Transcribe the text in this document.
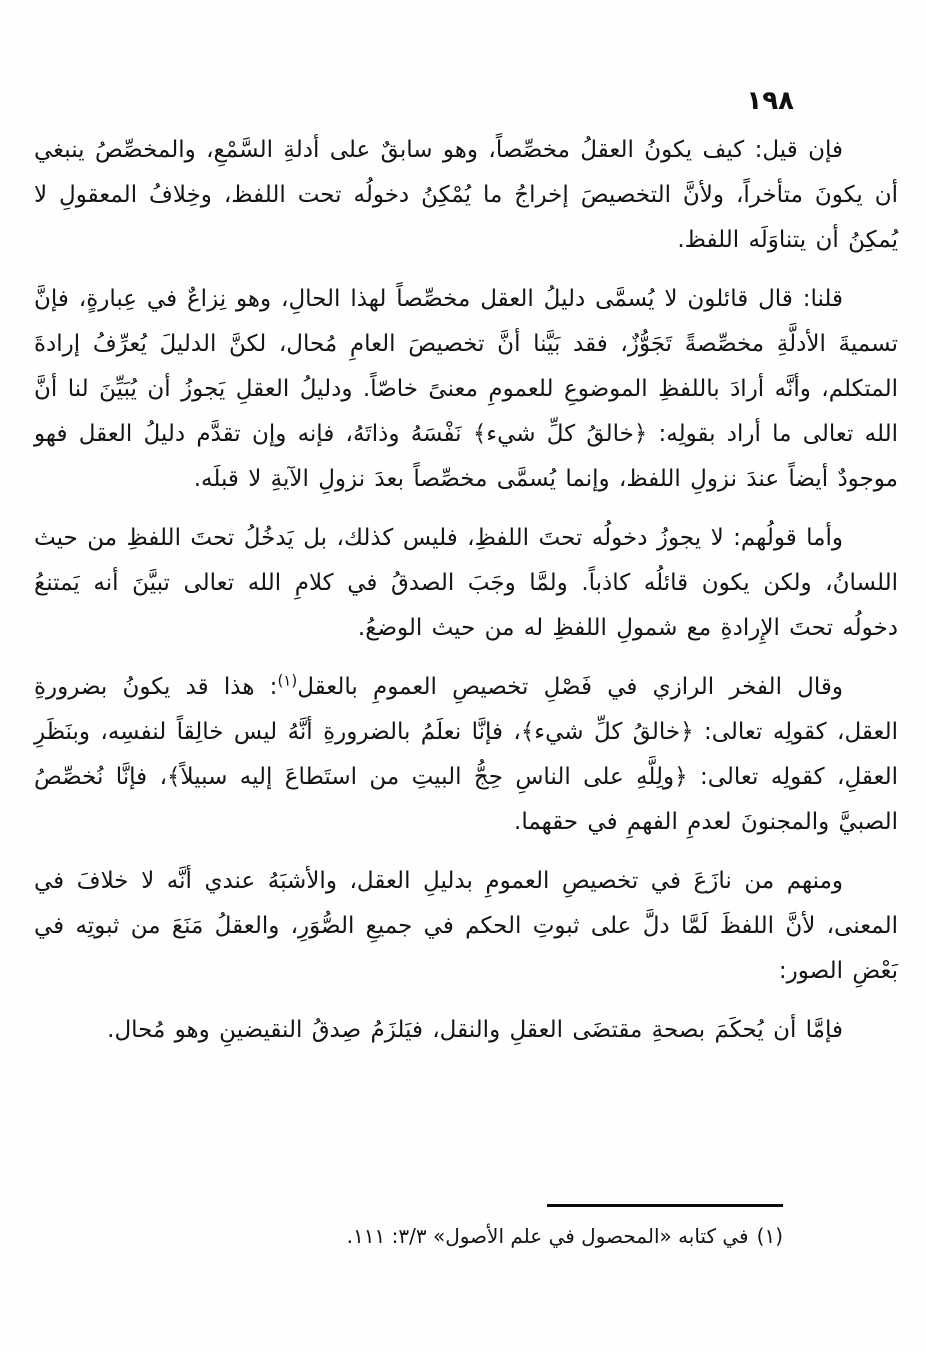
١٩٨

فإن قيل: كيف يكونُ العقلُ مخصِّصاً، وهو سابقٌ على أدلةِ السَّمْعِ، والمخصِّصُ ينبغي أن يكونَ متأخراً، ولأنَّ التخصيصَ إخراجُ ما يُمْكِنُ دخولُه تحت اللفظ، وخِلافُ المعقولِ لا يُمكِنُ أن يتناوَلَه اللفظ.

قلنا: قال قائلون لا يُسمَّى دليلُ العقل مخصِّصاً لهذا الحالِ، وهو نِزاعٌ في عِبارةٍ، فإنَّ تسميةَ الأدلَّةِ مخصِّصةً تَجَوُّزٌ، فقد بَيَّنا أنَّ تخصيصَ العامِ مُحال، لكنَّ الدليلَ يُعرِّفُ إرادةَ المتكلم، وأنَّه أرادَ باللفظِ الموضوعِ للعمومِ معنىً خاصّاً. ودليلُ العقلِ يَجوزُ أن يُبَيِّنَ لنا أنَّ الله تعالى ما أراد بقولِه: ﴿خالقُ كلِّ شيء﴾ نَفْسَهُ وذاتَهُ، فإنه وإن تقدَّم دليلُ العقل فهو موجودٌ أيضاً عندَ نزولِ اللفظ، وإنما يُسمَّى مخصِّصاً بعدَ نزولِ الآيةِ لا قبلَه.

وأما قولُهم: لا يجوزُ دخولُه تحتَ اللفظِ، فليس كذلك، بل يَدخُلُ تحتَ اللفظِ من حيث اللسانُ، ولكن يكون قائلُه كاذباً. ولمَّا وجَبَ الصدقُ في كلامِ الله تعالى تبيَّنَ أنه يَمتنعُ دخولُه تحتَ الإِرادةِ مع شمولِ اللفظِ له من حيث الوضعُ.

وقال الفخر الرازي في فَصْلِ تخصيصِ العمومِ بالعقل$^{(١)}$: هذا قد يكونُ بضرورةِ العقل، كقولِه تعالى: ﴿خالقُ كلِّ شيء﴾، فإنَّا نعلَمُ بالضرورةِ أنَّهُ ليس خالِقاً لنفسِه، وبنَظَرِ العقلِ، كقولِه تعالى: ﴿ولِلَّهِ على الناسِ حِجُّ البيتِ من استَطاعَ إليه سبيلاً﴾، فإنَّا نُخصِّصُ الصبيَّ والمجنونَ لعدمِ الفهمِ في حقهما.

ومنهم من نازَعَ في تخصيصِ العمومِ بدليلِ العقل، والأشبَهُ عندي أنَّه لا خلافَ في المعنى، لأنَّ اللفظَ لَمَّا دلَّ على ثبوتِ الحكم في جميعِ الصُّوَرِ، والعقلُ مَنَعَ من ثبوتِه في بَعْضِ الصور:

فإمَّا أن يُحكَمَ بصحةِ مقتضَى العقلِ والنقل، فيَلزَمُ صِدقُ النقيضينِ وهو مُحال.

(١)في كتابه «المحصول في علم الأصول» ٣/٣: ١١١.
